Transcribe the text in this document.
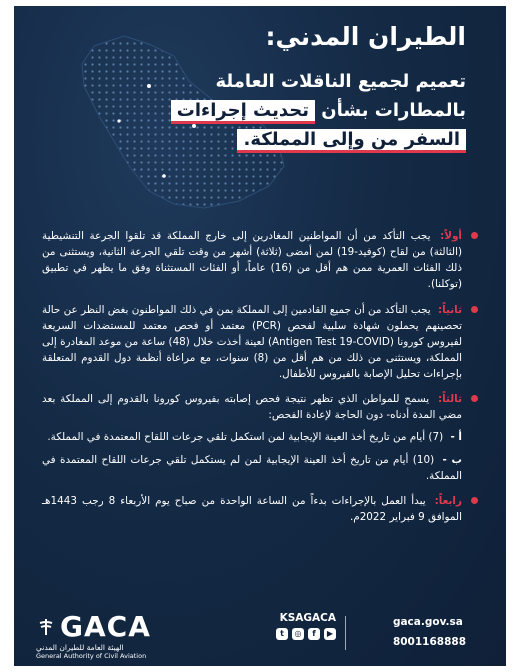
الطيران المدني:
تعميم لجميع الناقلات العاملة
بالمطارات بشأن تحديث إجراءات
السفر من وإلى المملكة.
أولاً: يجب التأكد من أن المواطنين المغادرين إلى خارج المملكة قد تلقوا الجرعة التنشيطية (الثالثة) من لقاح (كوفيد-19) لمن أمضى (ثلاثة) أشهر من وقت تلقي الجرعة الثانية، ويستثنى من ذلك الفئات العمرية ممن هم أقل من (16) عاماً، أو الفئات المستثناة وفق ما يظهر في تطبيق (توكلنا).
ثانياً: يجب التأكد من أن جميع القادمين إلى المملكة بمن في ذلك المواطنون بغض النظر عن حالة تحصينهم يحملون شهادة سلبية لفحص (PCR) معتمد أو فحص معتمد للمستضدات السريعة لفيروس كورونا (Antigen Test 19-COVID) لعينة أخذت خلال (48) ساعة من موعد المغادرة إلى المملكة، ويستثنى من ذلك من هم أقل من (8) سنوات، مع مراعاة أنظمة دول القدوم المتعلقة بإجراءات تحليل الإصابة بالفيروس للأطفال.
ثالثاً: يسمح للمواطن الذي تظهر نتيجة فحص إصابته بفيروس كورونا بالقدوم إلى المملكة بعد مضي المدة أدناه- دون الحاجة لإعادة الفحص:
أ - (7) أيام من تاريخ أخذ العينة الإيجابية لمن استكمل تلقي جرعات اللقاح المعتمدة في المملكة.
ب - (10) أيام من تاريخ أخذ العينة الإيجابية لمن لم يستكمل تلقي جرعات اللقاح المعتمدة في المملكة.
رابعاً: يبدأ العمل بالإجراءات بدءاً من الساعة الواحدة من صباح يوم الأربعاء 8 رجب 1443هـ الموافق 9 فبراير 2022م.
gaca.gov.sa
8001168888
KSAGACA
t	◎	f	▶
GACA
الهيئة العامة للطيران المدني
General Authority of Civil Aviation
